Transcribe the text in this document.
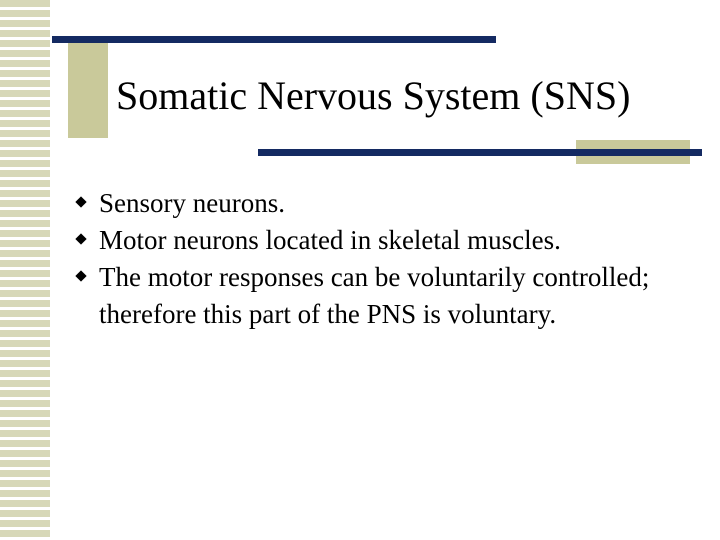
Somatic Nervous System (SNS)
Sensory neurons.
Motor neurons located in skeletal muscles.
The motor responses can be voluntarily controlled; therefore this part of the PNS is voluntary.
